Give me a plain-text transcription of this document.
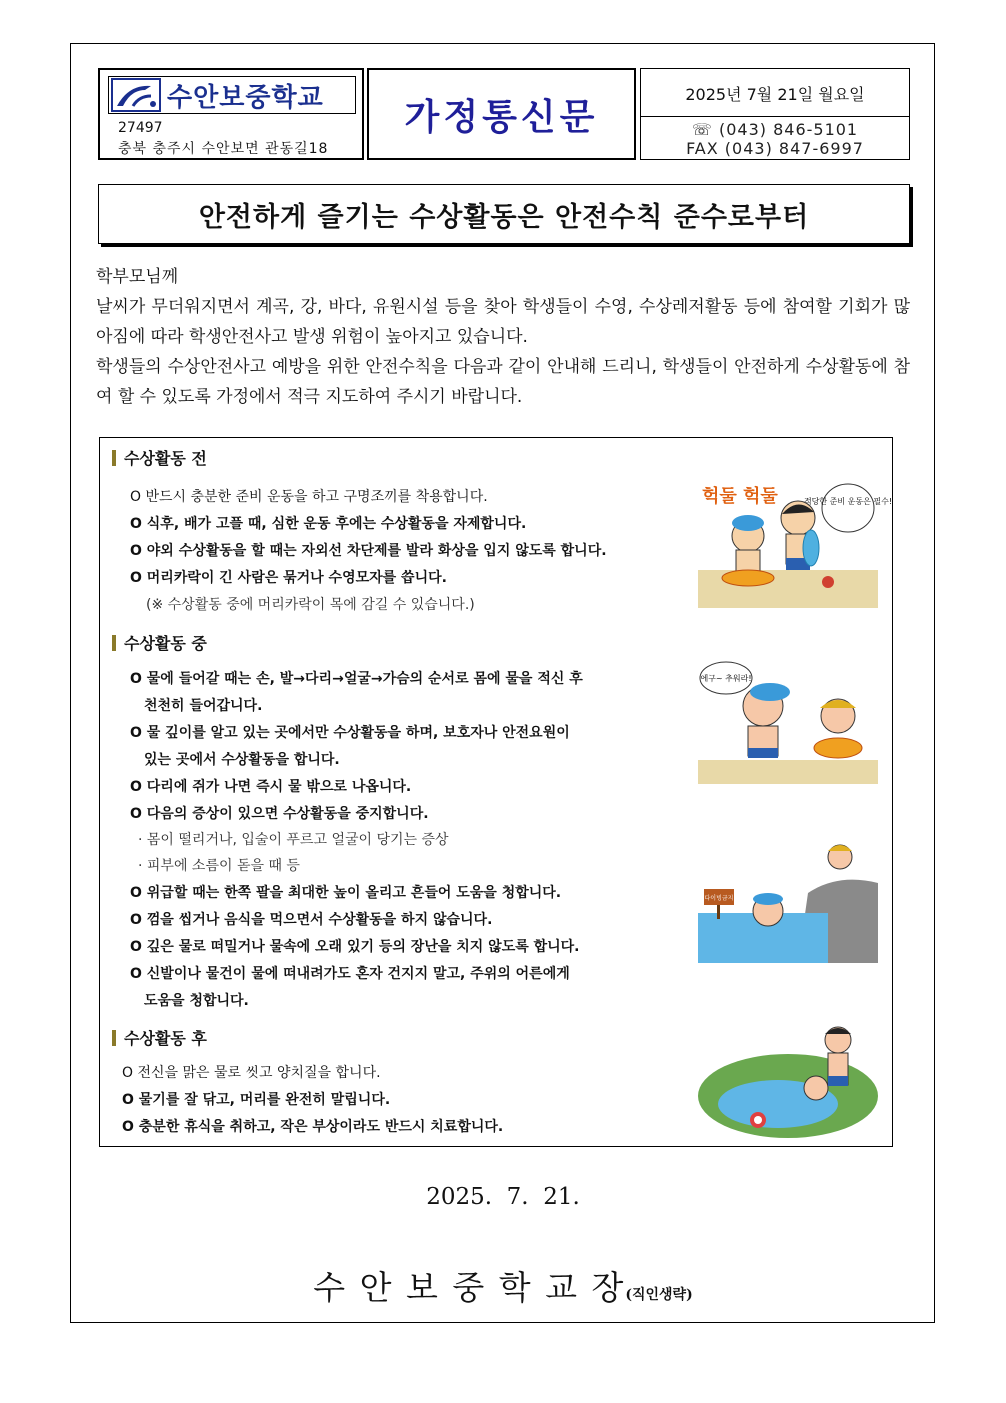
수안보중학교
27497
충북 충주시 수안보면 관동길18
가정통신문
2025년 7월 21일 월요일
☏ (043) 846-5101
FAX (043) 847-6997
안전하게 즐기는 수상활동은 안전수칙 준수로부터

학부모님께

날씨가 무더워지면서 계곡, 강, 바다, 유원시설 등을 찾아 학생들이 수영, 수상레저활동 등에 참여할 기회가 많아짐에 따라 학생안전사고 발생 위험이 높아지고 있습니다.

학생들의 수상안전사고 예방을 위한 안전수칙을 다음과 같이 안내해 드리니, 학생들이 안전하게 수상활동에 참여 할 수 있도록 가정에서 적극 지도하여 주시기 바랍니다.

수상활동 전
O 반드시 충분한 준비 운동을 하고 구명조끼를 착용합니다.
O 식후, 배가 고플 때, 심한 운동 후에는 수상활동을 자제합니다.
O 야외 수상활동을 할 때는 자외선 차단제를 발라 화상을 입지 않도록 합니다.
O 머리카락이 긴 사람은 묶거나 수영모자를 씁니다.
(※ 수상활동 중에 머리카락이 목에 감길 수 있습니다.)
수상활동 중
O 물에 들어갈 때는 손, 발→다리→얼굴→가슴의 순서로 몸에 물을 적신 후
천천히 들어갑니다.
O 물 깊이를 알고 있는 곳에서만 수상활동을 하며, 보호자나 안전요원이
있는 곳에서 수상활동을 합니다.
O 다리에 쥐가 나면 즉시 물 밖으로 나옵니다.
O 다음의 증상이 있으면 수상활동을 중지합니다.
· 몸이 떨리거나, 입술이 푸르고 얼굴이 당기는 증상
· 피부에 소름이 돋을 때 등
O 위급할 때는 한쪽 팔을 최대한 높이 올리고 흔들어 도움을 청합니다.
O 껌을 씹거나 음식을 먹으면서 수상활동을 하지 않습니다.
O 깊은 물로 떠밀거나 물속에 오래 있기 등의 장난을 치지 않도록 합니다.
O 신발이나 물건이 물에 떠내려가도 혼자 건지지 말고, 주위의 어른에게
도움을 청합니다.
수상활동 후
O 전신을 맑은 물로 씻고 양치질을 합니다.
O 물기를 잘 닦고, 머리를 완전히 말립니다.
O 충분한 휴식을 취하고, 작은 부상이라도 반드시 치료합니다.
헉둘 헉둘	적당한 준비 운동은 필수!
에구~ 추워라!
다이빙금지
2025.  7.  21.
수 안 보 중 학 교 장(직인생략)
